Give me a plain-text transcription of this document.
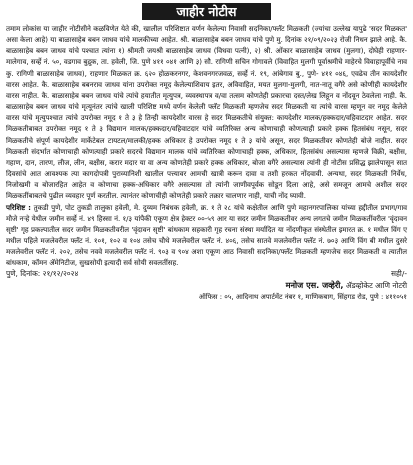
जाहीर नोटीस

तमाम लोकांस या जाहीर नोटीसीने कळविणेत येते की, खालील परिशिष्टात वर्णन केलेल्या निवासी सदनिका/फ्लॅट मिळकती (ज्यांचा उल्लेख यापुढे 'सदर मिळकत' असा केला आहे) या बाळासाहेब बबन जाधव यांचे मालकीच्या आहेत. श्री. बाळासाहेब बबन जाधव यांचे पुणे मु. दिनांक २१/०९/२०२३ रोजी निधन झाले आहे. कै. बाळासाहेब बबन जाधव यांचे पश्चात त्यांना १) श्रीमती जयश्री बाळासाहेब जाधव (विधवा पत्नी), २) श्री. ओंकार बाळासाहेब जाधव (मुलगा), दोघेही राहणार- मालेगाव, सर्व्हे नं. ५०, वडगाव बुद्रुक, ता. हवेली, जि. पुणे ४११ ०४१ आणि ३) सौ. रागिणी सचिन गोगावले (विवाहित मुलगी पूर्वाश्रमीचे माहेरचे विवाहापूर्वीचे नाव कु. रागिणी बाळासाहेब जाधव), राहणार मिळकत क्र. ६२० होळकरनगर, केशवनगरजवळ, सर्व्हे नं. १९, आंबेगाव बु., पुणे- ४११ ०४६, एवढेच तीन कायदेशीर वारस आहेत. कै. बाळासाहेब बबनराव जाधव यांना उपरोक्त नमूद केलेल्याशिवाय इतर, अविवाहित, मयत मुलगा-मुलगी, नात-नातू वगैरे असे कोणीही कायदेशीर वारस नाहीत. कै. बाळासाहेब बबन जाधव यांचे त्यांचे हयातीत मृत्युपत्र, व्यवस्थापत्र व/वा तत्सम कोणतेही प्रकारचा दस्त/लेख लिहून व नोंदवून ठेवलेला नाही. कै. बाळासाहेब बबन जाधव यांचे मृत्यूनंतर त्यांचे खाली परिशिष्ट मध्ये वर्णन केलेली फ्लॅट मिळकती म्हणजेच सदर मिळकती या त्यांचे वारस म्हणून वर नमूद केलेले वारस यांचे मृत्युपश्चात त्यांचे उपरोक्त नमूद १ ते ३ हे तिन्ही कायदेशीर वारस हे सदर मिळकतीचे संयुक्त: कायदेशीर मालक/हक्कदार/वहिवाटदार आहेत. सदर मिळकतीबाबत उपरोक्त नमूद १ ते ३ विद्यमान मालक/हक्कदार/वहिवाटदार यांचे व्यतिरिक्त अन्य कोणाचाही कोणत्याही प्रकारे हक्क हितसंबंध नसून, सदर मिळकतीचे संपूर्ण कायदेशीर मार्केटेबल टायटल/मालकी/हक्क अधिकार हे उपरोक्त नमूद १ ते ३ यांचे असून, सदर मिळकतीवर कोणतेही बोजे नाहीत. सदर मिळकती संदर्भात कोणाचाही कोणत्याही प्रकारे सदरचे विद्यमान मालक यांचे व्यतिरिक्त कोणाचाही हक्क, अधिकार, हितसंबंध असल्यास म्हणजे विक्री, बक्षीस, गहाण, दान, तारण, लीज, लीन, बक्षीस, करार मदार या वा अन्य कोणतेही प्रकारे हक्क अधिकार, बोजा वगैरे असल्यास त्यांनी ही नोटीस प्रसिद्ध झालेपासून सात दिवसांचे आत आवश्यक त्या कागदोपत्री पुराव्यानिशी खालील पत्त्यावर आमची खात्री करून दावा व तशी हरकत नोंदवावी. अन्यथा, सदर मिळकती निर्वेध, निजोखमी व बोजारहित आहेत व कोणाचा हक्क-अधिकार वगैरे असल्यास तो त्यांनी जाणीवपूर्वक सोडून दिला आहे, असे समजून आमचे अशील सदर मिळकतींबाबतचे पुढील व्यवहार पूर्ण करतील. त्यानंतर कोणाचीही कोणतेही प्रकारे तक्रार चालणार नाही, याची नोंद घ्यावी.

परिशिष्ट : तुकडी पुणे, पोट तुकडी तालुका हवेली, मे. दुय्यम निबंधक हवेली, क्र. १ ते २८ यांचे कक्षेतील आणि पुणे महानगरपालिका यांच्या हद्दीतील प्रभाग/गाव मौजे नऱ्हे येथील जमीन सर्व्हे नं. ४९ हिस्सा नं. १/३ यांपैकी एकूण क्षेत्र हेक्टर ००-५९ आर या सदर जमीन मिळकतीवर अन्य लगतचे जमीन मिळकतींवरील 'वृंदावन सृष्टी' गृह प्रकल्पातील सदर जमीन मिळकतीवरील 'वृंदावन सृष्टी' बांधकाम सहकारी गृह रचना संस्था मर्यादित या नोंदणीकृत संस्थेतील इमारत क्र. १ मधील विंग ए मधील पहिले मजलेवरील फ्लॅट नं. १०१, १०२ व १०४ तसेच चौथे मजलेवरील फ्लॅट नं. ४०६, तसेच सातवे मजलेवरील फ्लॅट नं. ७०३ आणि विंग बी मधील दुसरे मजलेवरील फ्लॅट नं. २०२, तसेच नववे मजलेवरील फ्लॅट नं. ९०३ व ९०४ अशा एकूण आठ निवासी सदनिका/फ्लॅट मिळकती म्हणजेच सदर मिळकती व त्यातील बांधकाम, कॉमन ॲमेनिटीज, सुखसोयी इत्यादी सर्व सोयी सवलतींसह.

पुणे, दिनांक: २१/१२/२०२४	सही/-
मनोज एस. जव्हेरी, ॲडव्होकेट आणि नोटरी
ऑफिस : ०५, आदिनाथ अपार्टमेंट नंबर १, माणिकबाग, सिंहगड रोड, पुणे : ४११०५१
